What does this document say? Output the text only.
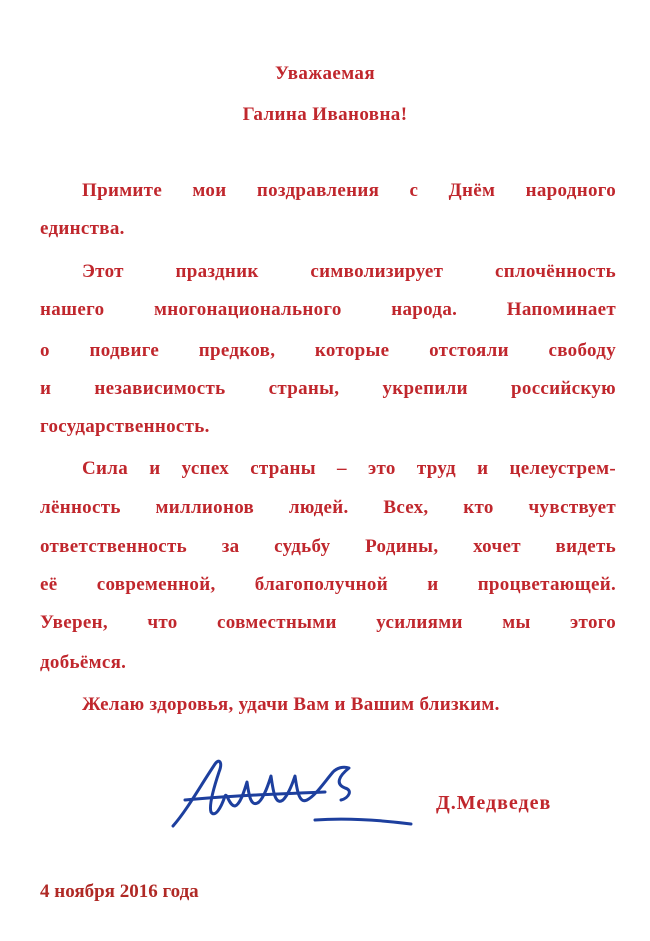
Уважаемая
Галина Ивановна!
Примите мои поздравления с Днём народного
единства.
Этот праздник символизирует сплочённость
нашего многонационального народа. Напоминает
о подвиге предков, которые отстояли свободу
и независимость страны, укрепили российскую
государственность.
Сила и успех страны – это труд и целеустрем-
лённость миллионов людей. Всех, кто чувствует
ответственность за судьбу Родины, хочет видеть
её современной, благополучной и процветающей.
Уверен, что совместными усилиями мы этого
добьёмся.
Желаю здоровья, удачи Вам и Вашим близким.
Д.Медведев
4 ноября 2016 года
